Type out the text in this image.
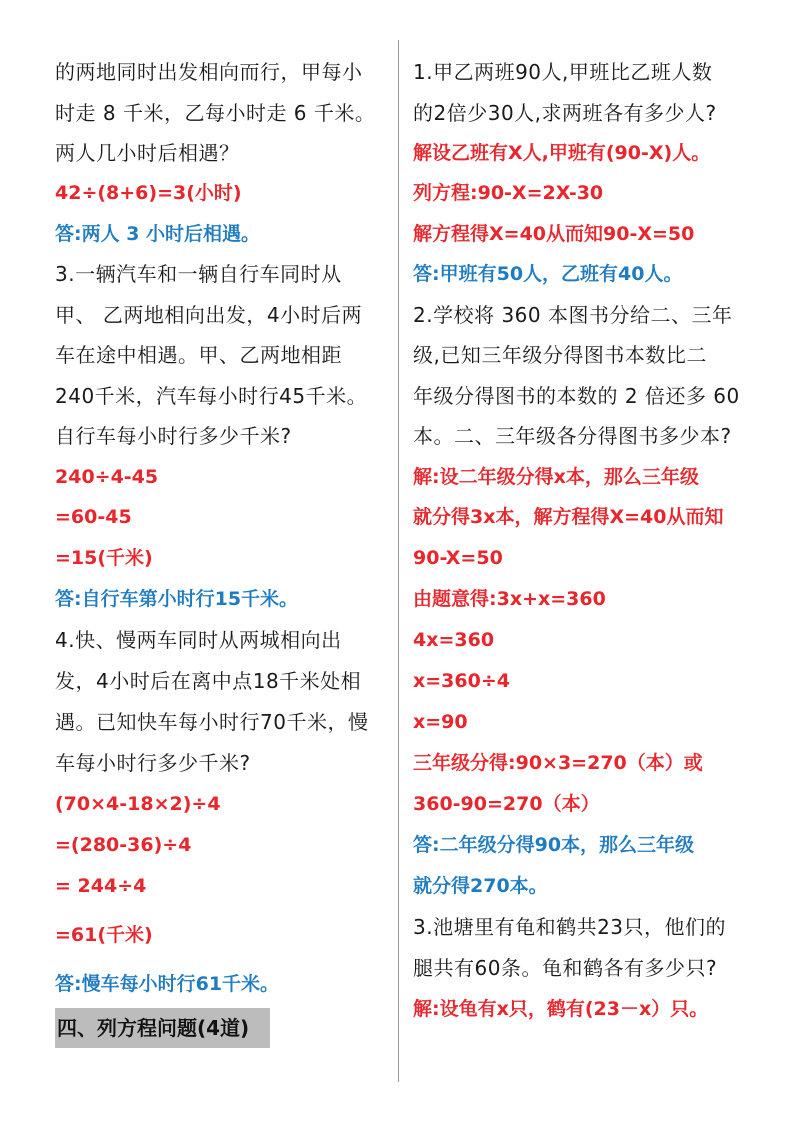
的两地同时出发相向而行，甲每小
时走 8 千米，乙每小时走 6 千米。
两人几小时后相遇？
42÷(8+6)=3(小时)
答:两人 3 小时后相遇。
3.一辆汽车和一辆自行车同时从
甲、 乙两地相向出发，4小时后两
车在途中相遇。甲、乙两地相距
240千米，汽车每小时行45千米。
自行车每小时行多少千米?
240÷4-45
=60-45
=15(千米)
答:自行车第小时行15千米。
4.快、慢两车同时从两城相向出
发，4小时后在离中点18千米处相
遇。已知快车每小时行70千米，慢
车每小时行多少千米?
(70×4-18×2)÷4
=(280-36)÷4
= 244÷4
=61(千米)
答:慢车每小时行61千米。
四、列方程问题(4道)
1.甲乙两班90人,甲班比乙班人数
的2倍少30人,求两班各有多少人?
解设乙班有X人,甲班有(90-X)人。
列方程:90-X=2X-30
解方程得X=40从而知90-X=50
答:甲班有50人，乙班有40人。
2.学校将 360 本图书分给二、三年
级,已知三年级分得图书本数比二
年级分得图书的本数的 2 倍还多 60
本。二、三年级各分得图书多少本?
解:设二年级分得x本，那么三年级
就分得3x本，解方程得X=40从而知
90-X=50
由题意得:3x+x=360
4x=360
x=360÷4
x=90
三年级分得:90×3=270（本）或
360-90=270（本）
答:二年级分得90本，那么三年级
就分得270本。
3.池塘里有龟和鹤共23只，他们的
腿共有60条。龟和鹤各有多少只?
解:设龟有x只，鹤有(23－x）只。
